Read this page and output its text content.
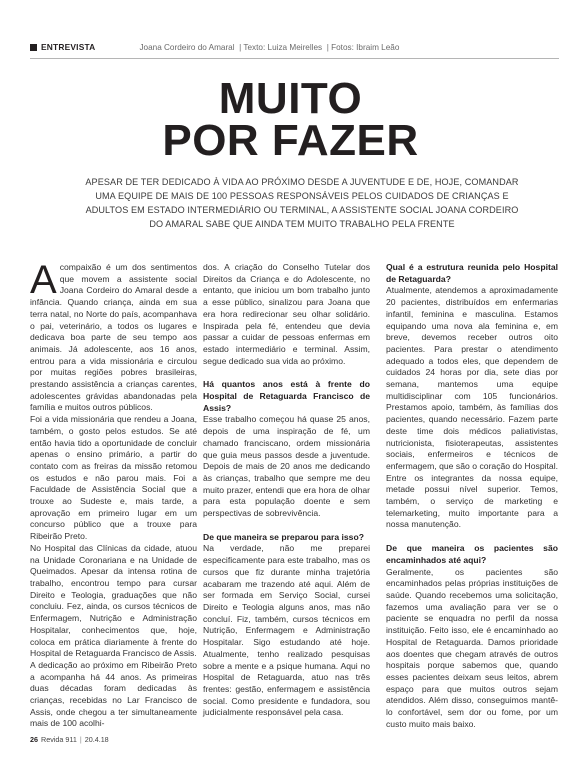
ENTREVISTA	Joana Cordeiro do Amaral | Texto: Luiza Meirelles | Fotos: Ibraim Leão
MUITO
POR FAZER
APESAR DE TER DEDICADO À VIDA AO PRÓXIMO DESDE A JUVENTUDE E DE, HOJE, COMANDAR UMA EQUIPE DE MAIS DE 100 PESSOAS RESPONSÁVEIS PELOS CUIDADOS DE CRIANÇAS E ADULTOS EM ESTADO INTERMEDIÁRIO OU TERMINAL, A ASSISTENTE SOCIAL JOANA CORDEIRO DO AMARAL SABE QUE AINDA TEM MUITO TRABALHO PELA FRENTE
A compaixão é um dos sentimentos que movem a assistente social Joana Cordeiro do Amaral desde a infância. Quando criança, ainda em sua terra natal, no Norte do país, acompanhava o pai, veterinário, a todos os lugares e dedicava boa parte de seu tempo aos animais. Já adolescente, aos 16 anos, entrou para a vida missionária e circulou por muitas regiões pobres brasileiras, prestando assistência a crianças carentes, adolescentes grávidas abandonadas pela família e muitos outros públicos.

Foi a vida missionária que rendeu a Joana, também, o gosto pelos estudos. Se até então havia tido a oportunidade de concluir apenas o ensino primário, a partir do contato com as freiras da missão retomou os estudos e não parou mais. Foi a Faculdade de Assistência Social que a trouxe ao Sudeste e, mais tarde, a aprovação em primeiro lugar em um concurso público que a trouxe para Ribeirão Preto.

No Hospital das Clínicas da cidade, atuou na Unidade Coronariana e na Unidade de Queimados. Apesar da intensa rotina de trabalho, encontrou tempo para cursar Direito e Teologia, graduações que não concluiu. Fez, ainda, os cursos técnicos de Enfermagem, Nutrição e Administração Hospitalar, conhecimentos que, hoje, coloca em prática diariamente à frente do Hospital de Retaguarda Francisco de Assis.

A dedicação ao próximo em Ribeirão Preto a acompanha há 44 anos. As primeiras duas décadas foram dedicadas às crianças, recebidas no Lar Francisco de Assis, onde chegou a ter simultaneamente mais de 100 acolhi-

dos. A criação do Conselho Tutelar dos Direitos da Criança e do Adolescente, no entanto, que iniciou um bom trabalho junto a esse público, sinalizou para Joana que era hora redirecionar seu olhar solidário. Inspirada pela fé, entendeu que devia passar a cuidar de pessoas enfermas em estado intermediário e terminal. Assim, segue dedicado sua vida ao próximo.

Há quantos anos está à frente do Hospital de Retaguarda Francisco de Assis?

Esse trabalho começou há quase 25 anos, depois de uma inspiração de fé, um chamado franciscano, ordem missionária que guia meus passos desde a juventude. Depois de mais de 20 anos me dedicando às crianças, trabalho que sempre me deu muito prazer, entendi que era hora de olhar para esta população doente e sem perspectivas de sobrevivência.

De que maneira se preparou para isso?

Na verdade, não me preparei especificamente para este trabalho, mas os cursos que fiz durante minha trajetória acabaram me trazendo até aqui. Além de ser formada em Serviço Social, cursei Direito e Teologia alguns anos, mas não concluí. Fiz, também, cursos técnicos em Nutrição, Enfermagem e Administração Hospitalar. Sigo estudando até hoje. Atualmente, tenho realizado pesquisas sobre a mente e a psique humana. Aqui no Hospital de Retaguarda, atuo nas três frentes: gestão, enfermagem e assistência social. Como presidente e fundadora, sou judicialmente responsável pela casa.

Qual é a estrutura reunida pelo Hospital de Retaguarda?

Atualmente, atendemos a aproximadamente 20 pacientes, distribuídos em enfermarias infantil, feminina e masculina. Estamos equipando uma nova ala feminina e, em breve, devemos receber outros oito pacientes. Para prestar o atendimento adequado a todos eles, que dependem de cuidados 24 horas por dia, sete dias por semana, mantemos uma equipe multidisciplinar com 105 funcionários. Prestamos apoio, também, às famílias dos pacientes, quando necessário. Fazem parte deste time dois médicos paliativistas, nutricionista, fisioterapeutas, assistentes sociais, enfermeiros e técnicos de enfermagem, que são o coração do Hospital. Entre os integrantes da nossa equipe, metade possui nível superior. Temos, também, o serviço de marketing e telemarketing, muito importante para a nossa manutenção.

De que maneira os pacientes são encaminhados até aqui?

Geralmente, os pacientes são encaminhados pelas próprias instituições de saúde. Quando recebemos uma solicitação, fazemos uma avaliação para ver se o paciente se enquadra no perfil da nossa instituição. Feito isso, ele é encaminhado ao Hospital de Retaguarda. Damos prioridade aos doentes que chegam através de outros hospitais porque sabemos que, quando esses pacientes deixam seus leitos, abrem espaço para que muitos outros sejam atendidos. Além disso, conseguimos mantê-lo confortável, sem dor ou fome, por um custo muito mais baixo.

26 Revida 911 | 20.4.18
